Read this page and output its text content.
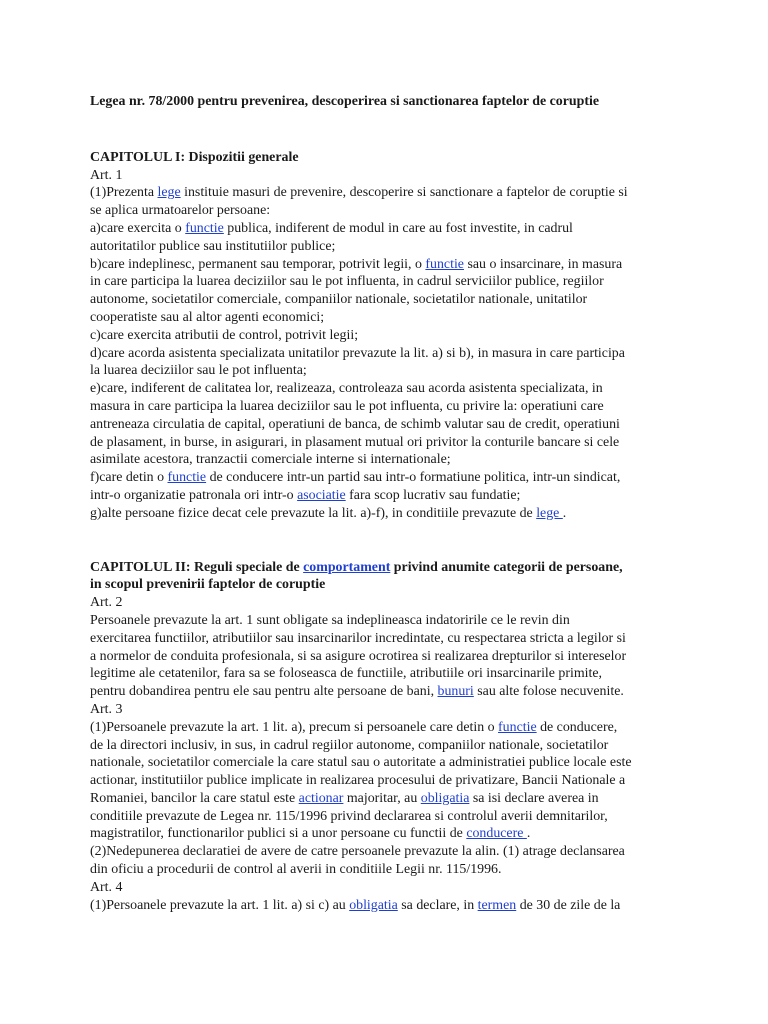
Legea nr. 78/2000 pentru prevenirea, descoperirea si sanctionarea faptelor de coruptie

CAPITOLUL I: Dispozitii generale

Art. 1

(1)Prezenta lege instituie masuri de prevenire, descoperire si sanctionare a faptelor de coruptie si
se aplica urmatoarelor persoane:

a)care exercita o functie publica, indiferent de modul in care au fost investite, in cadrul
autoritatilor publice sau institutiilor publice;

b)care indeplinesc, permanent sau temporar, potrivit legii, o functie sau o insarcinare, in masura
in care participa la luarea deciziilor sau le pot influenta, in cadrul serviciilor publice, regiilor
autonome, societatilor comerciale, companiilor nationale, societatilor nationale, unitatilor
cooperatiste sau al altor agenti economici;

c)care exercita atributii de control, potrivit legii;

d)care acorda asistenta specializata unitatilor prevazute la lit. a) si b), in masura in care participa
la luarea deciziilor sau le pot influenta;

e)care, indiferent de calitatea lor, realizeaza, controleaza sau acorda asistenta specializata, in
masura in care participa la luarea deciziilor sau le pot influenta, cu privire la: operatiuni care
antreneaza circulatia de capital, operatiuni de banca, de schimb valutar sau de credit, operatiuni
de plasament, in burse, in asigurari, in plasament mutual ori privitor la conturile bancare si cele
asimilate acestora, tranzactii comerciale interne si internationale;

f)care detin o functie de conducere intr-un partid sau intr-o formatiune politica, intr-un sindicat,
intr-o organizatie patronala ori intr-o asociatie fara scop lucrativ sau fundatie;

g)alte persoane fizice decat cele prevazute la lit. a)-f), in conditiile prevazute de lege .

CAPITOLUL II: Reguli speciale de comportament privind anumite categorii de persoane,
in scopul prevenirii faptelor de coruptie

Art. 2

Persoanele prevazute la art. 1 sunt obligate sa indeplineasca indatoririle ce le revin din
exercitarea functiilor, atributiilor sau insarcinarilor incredintate, cu respectarea stricta a legilor si
a normelor de conduita profesionala, si sa asigure ocrotirea si realizarea drepturilor si intereselor
legitime ale cetatenilor, fara sa se foloseasca de functiile, atributiile ori insarcinarile primite,
pentru dobandirea pentru ele sau pentru alte persoane de bani, bunuri sau alte folose necuvenite.

Art. 3

(1)Persoanele prevazute la art. 1 lit. a), precum si persoanele care detin o functie de conducere,
de la directori inclusiv, in sus, in cadrul regiilor autonome, companiilor nationale, societatilor
nationale, societatilor comerciale la care statul sau o autoritate a administratiei publice locale este
actionar, institutiilor publice implicate in realizarea procesului de privatizare, Bancii Nationale a
Romaniei, bancilor la care statul este actionar majoritar, au obligatia sa isi declare averea in
conditiile prevazute de Legea nr. 115/1996 privind declararea si controlul averii demnitarilor,
magistratilor, functionarilor publici si a unor persoane cu functii de conducere .

(2)Nedepunerea declaratiei de avere de catre persoanele prevazute la alin. (1) atrage declansarea
din oficiu a procedurii de control al averii in conditiile Legii nr. 115/1996.

Art. 4

(1)Persoanele prevazute la art. 1 lit. a) si c) au obligatia sa declare, in termen de 30 de zile de la
